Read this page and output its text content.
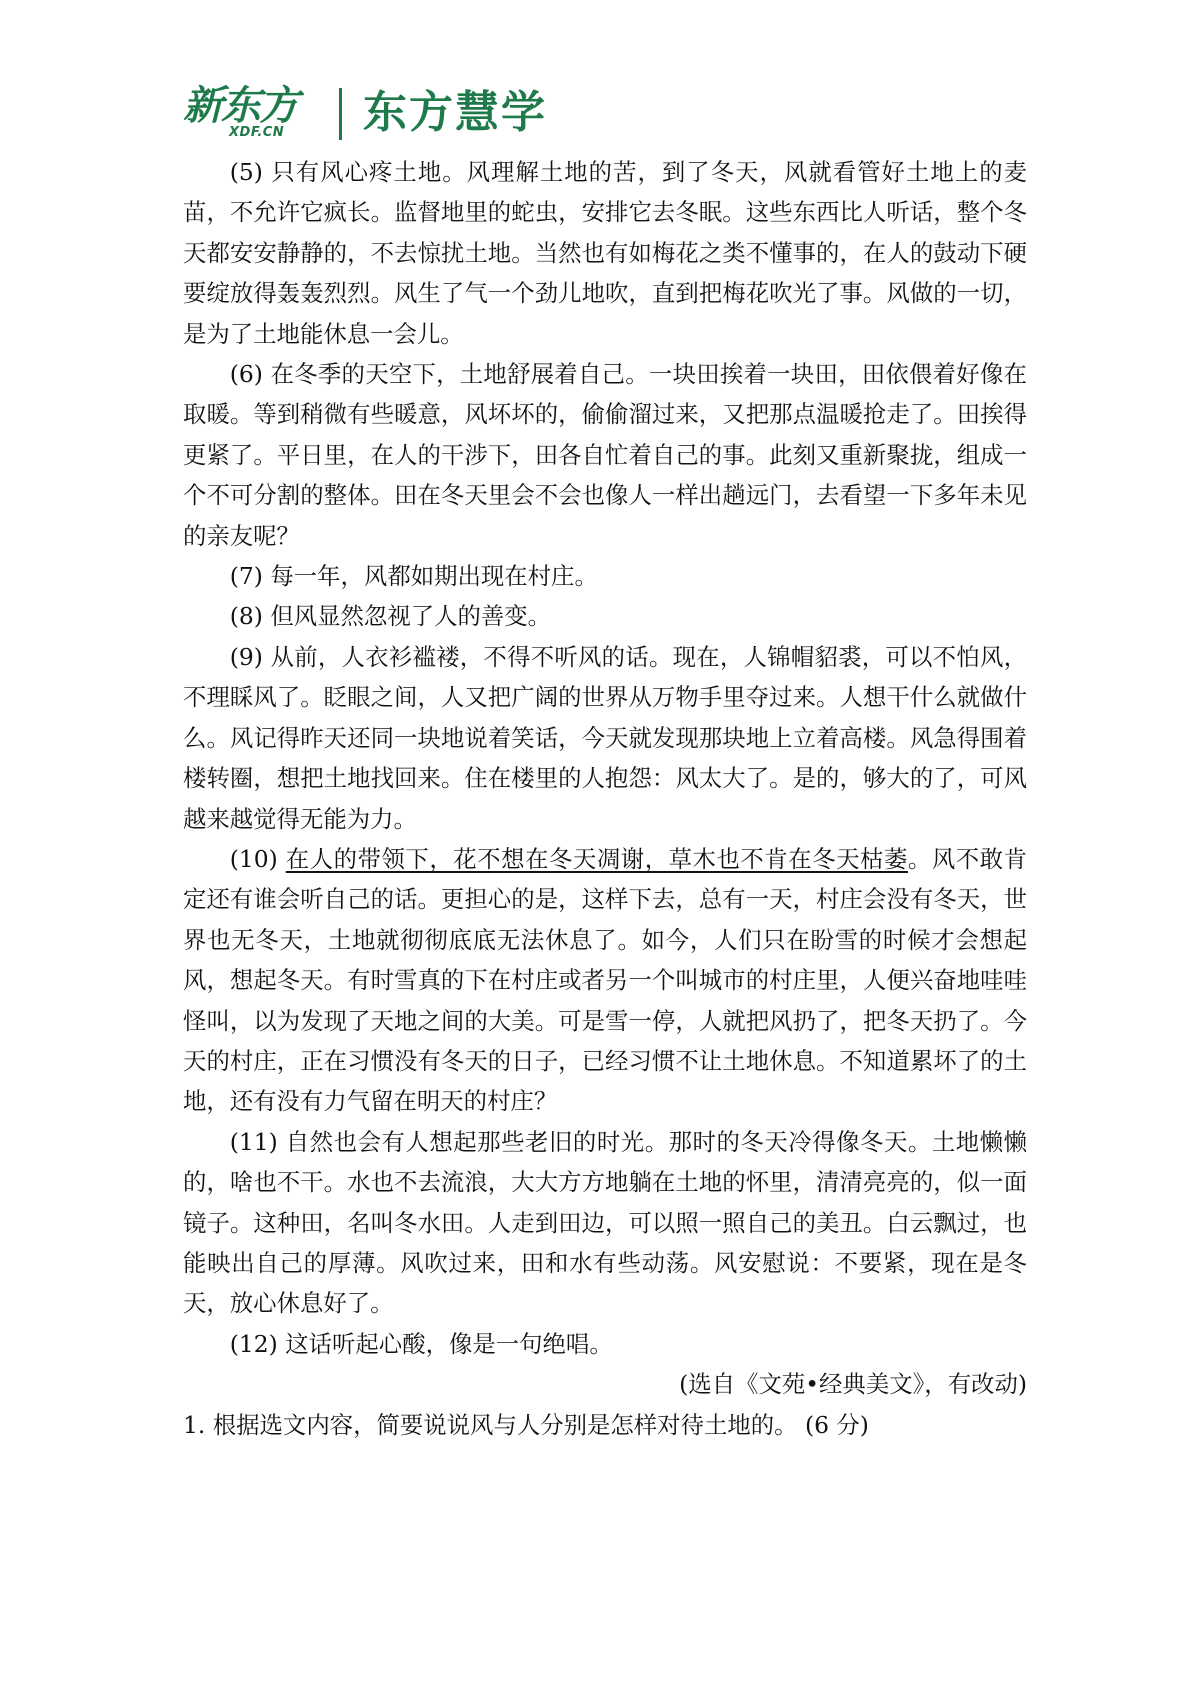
新东方
XDF.CN 东方慧学

(5) 只有风心疼土地。风理解土地的苦，到了冬天，风就看管好土地上的麦苗，不允许它疯长。监督地里的蛇虫，安排它去冬眠。这些东西比人听话，整个冬天都安安静静的，不去惊扰土地。当然也有如梅花之类不懂事的，在人的鼓动下硬要绽放得轰轰烈烈。风生了气一个劲儿地吹，直到把梅花吹光了事。风做的一切，是为了土地能休息一会儿。

(6) 在冬季的天空下，土地舒展着自己。一块田挨着一块田，田依偎着好像在取暖。等到稍微有些暖意，风坏坏的，偷偷溜过来，又把那点温暖抢走了。田挨得更紧了。平日里，在人的干涉下，田各自忙着自己的事。此刻又重新聚拢，组成一个不可分割的整体。田在冬天里会不会也像人一样出趟远门，去看望一下多年未见的亲友呢？

(7) 每一年，风都如期出现在村庄。

(8) 但风显然忽视了人的善变。

(9) 从前，人衣衫褴褛，不得不听风的话。现在，人锦帽貂裘，可以不怕风，不理睬风了。眨眼之间，人又把广阔的世界从万物手里夺过来。人想干什么就做什么。风记得昨天还同一块地说着笑话，今天就发现那块地上立着高楼。风急得围着楼转圈，想把土地找回来。住在楼里的人抱怨：风太大了。是的，够大的了，可风越来越觉得无能为力。

(10) 在人的带领下，花不想在冬天凋谢，草木也不肯在冬天枯萎。风不敢肯定还有谁会听自己的话。更担心的是，这样下去，总有一天，村庄会没有冬天，世界也无冬天，土地就彻彻底底无法休息了。如今，人们只在盼雪的时候才会想起风，想起冬天。有时雪真的下在村庄或者另一个叫城市的村庄里，人便兴奋地哇哇怪叫，以为发现了天地之间的大美。可是雪一停，人就把风扔了，把冬天扔了。今天的村庄，正在习惯没有冬天的日子，已经习惯不让土地休息。不知道累坏了的土地，还有没有力气留在明天的村庄？

(11) 自然也会有人想起那些老旧的时光。那时的冬天冷得像冬天。土地懒懒的，啥也不干。水也不去流浪，大大方方地躺在土地的怀里，清清亮亮的，似一面镜子。这种田，名叫冬水田。人走到田边，可以照一照自己的美丑。白云飘过，也能映出自己的厚薄。风吹过来，田和水有些动荡。风安慰说：不要紧，现在是冬天，放心休息好了。

(12) 这话听起心酸，像是一句绝唱。

(选自《文苑•经典美文》，有改动)

1. 根据选文内容，简要说说风与人分别是怎样对待土地的。 (6 分)
